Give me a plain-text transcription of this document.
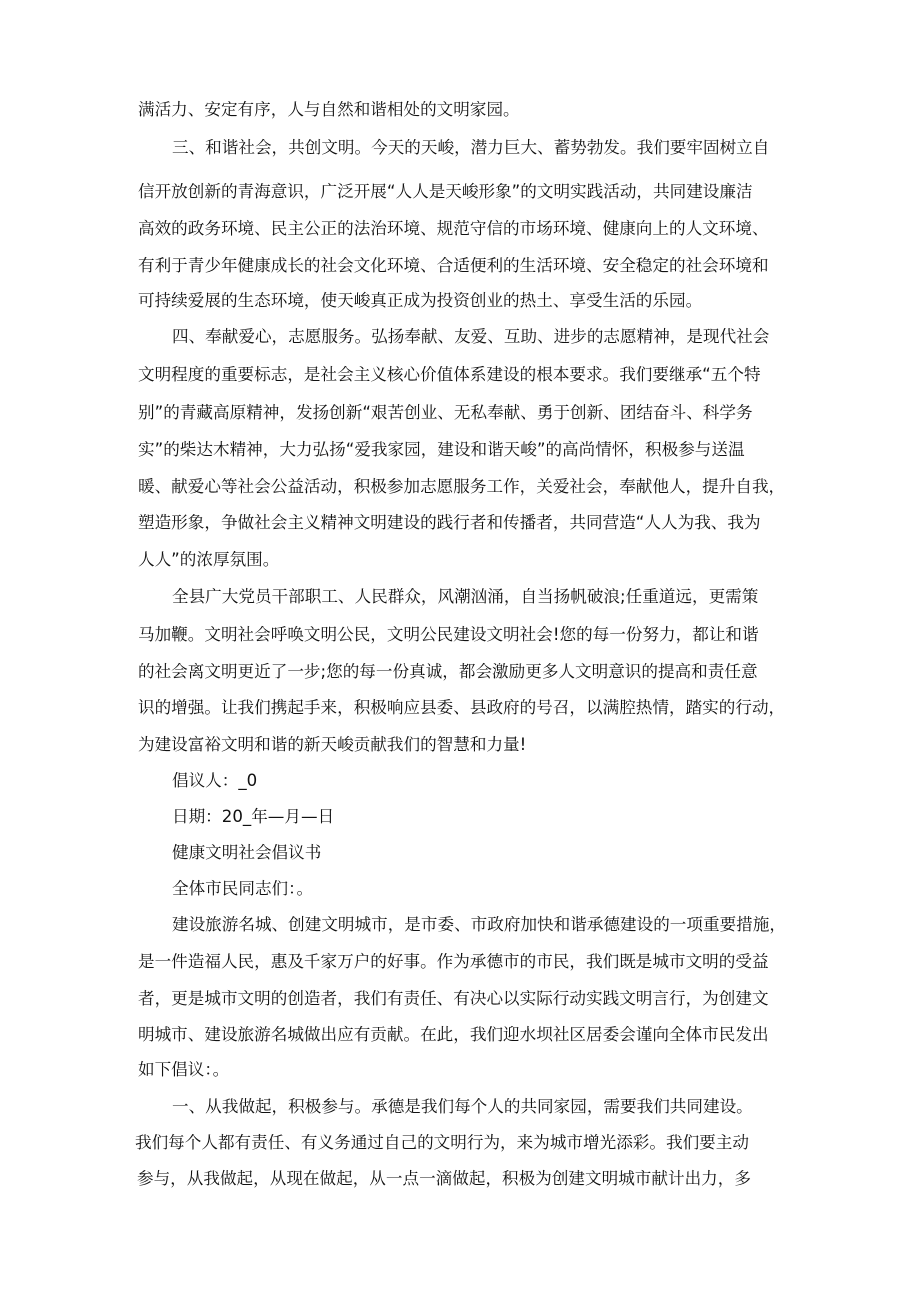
满活力、安定有序，人与自然和谐相处的文明家园。
三、和谐社会，共创文明。今天的天峻，潜力巨大、蓄势勃发。我们要牢固树立自
信开放创新的青海意识，广泛开展“人人是天峻形象”的文明实践活动，共同建设廉洁
高效的政务环境、民主公正的法治环境、规范守信的市场环境、健康向上的人文环境、
有利于青少年健康成长的社会文化环境、合适便利的生活环境、安全稳定的社会环境和
可持续爱展的生态环境，使天峻真正成为投资创业的热土、享受生活的乐园。
四、奉献爱心，志愿服务。弘扬奉献、友爱、互助、进步的志愿精神，是现代社会
文明程度的重要标志，是社会主义核心价值体系建设的根本要求。我们要继承“五个特
别”的青藏高原精神，发扬创新“艰苦创业、无私奉献、勇于创新、团结奋斗、科学务
实”的柴达木精神，大力弘扬“爱我家园，建设和谐天峻”的高尚情怀，积极参与送温
暖、献爱心等社会公益活动，积极参加志愿服务工作，关爱社会，奉献他人，提升自我，
塑造形象，争做社会主义精神文明建设的践行者和传播者，共同营造“人人为我、我为
人人”的浓厚氛围。
全县广大党员干部职工、人民群众，风潮汹涌，自当扬帆破浪;任重道远，更需策
马加鞭。文明社会呼唤文明公民，文明公民建设文明社会!您的每一份努力，都让和谐
的社会离文明更近了一步;您的每一份真诚，都会激励更多人文明意识的提高和责任意
识的增强。让我们携起手来，积极响应县委、县政府的号召，以满腔热情，踏实的行动，
为建设富裕文明和谐的新天峻贡献我们的智慧和力量!
倡议人：_0
日期：20_年—月—日
健康文明社会倡议书
全体市民同志们：。
建设旅游名城、创建文明城市，是市委、市政府加快和谐承德建设的一项重要措施，
是一件造福人民，惠及千家万户的好事。作为承德市的市民，我们既是城市文明的受益
者，更是城市文明的创造者，我们有责任、有决心以实际行动实践文明言行，为创建文
明城市、建设旅游名城做出应有贡献。在此，我们迎水坝社区居委会谨向全体市民发出
如下倡议：。
一、从我做起，积极参与。承德是我们每个人的共同家园，需要我们共同建设。
我们每个人都有责任、有义务通过自己的文明行为，来为城市增光添彩。我们要主动
参与，从我做起，从现在做起，从一点一滴做起，积极为创建文明城市献计出力，多
